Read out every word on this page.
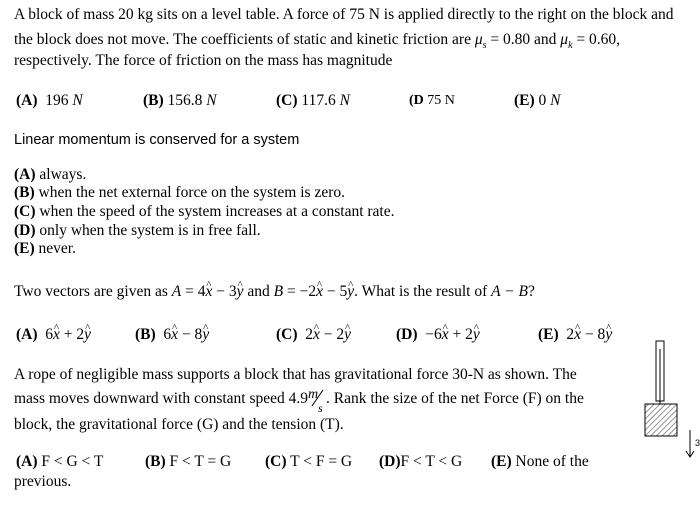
A block of mass 20 kg sits on a level table. A force of 75 N is applied directly to the right on the block and
the block does not move. The coefficients of static and kinetic friction are $\mu_s = 0.80$ and $\mu_k = 0.60$,
respectively. The force of friction on the mass has magnitude
(A) 196 N	(B) 156.8 N	(C) 117.6 N	(D 75 N	(E) 0 N
Linear momentum is conserved for a system
(A) always.
(B) when the net external force on the system is zero.
(C) when the speed of the system increases at a constant rate.
(D) only when the system is in free fall.
(E) never.
Two vectors are given as A = 4x ^ − 3y ^ and B = −2x ^ − 5y ^. What is the result of A − B?
(A) 6x ^ + 2y ^	(B) 6x ^ − 8y ^	(C) 2x ^ − 2y ^	(D) −6x ^ + 2y ^	(E) 2x ^ − 8y ^
A rope of negligible mass supports a block that has gravitational force 30-N as shown. The
mass moves downward with constant speed 4.9 m
s
. Rank the size of the net Force (F) on the
block, the gravitational force (G) and the tension (T).
(A) F < G < T	(B) F < T = G (C) T < F = G (D)F < T < G (E) None of the
previous.
3
